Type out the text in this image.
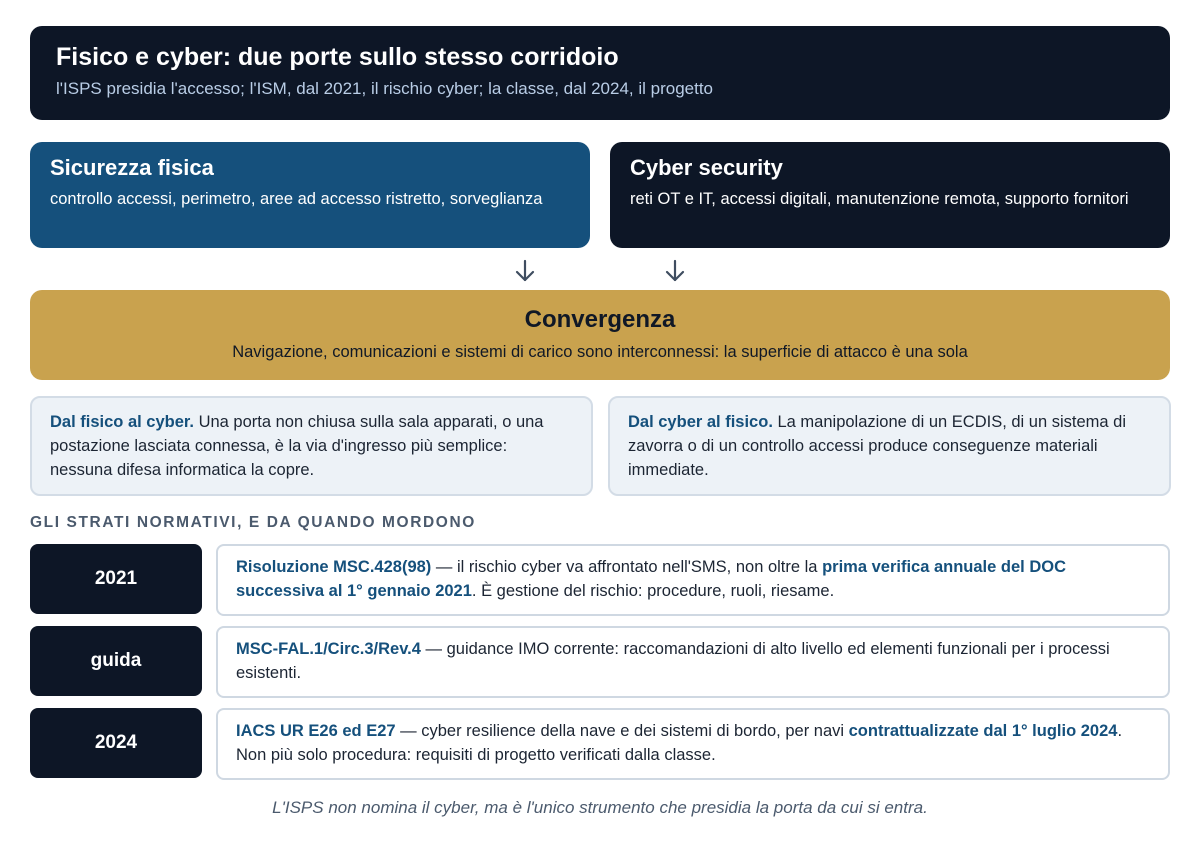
Fisico e cyber: due porte sullo stesso corridoio
l'ISPS presidia l'accesso; l'ISM, dal 2021, il rischio cyber; la classe, dal 2024, il progetto
Sicurezza fisica
controllo accessi, perimetro, aree ad accesso ristretto, sorveglianza
Cyber security
reti OT e IT, accessi digitali, manutenzione remota, supporto fornitori
Convergenza
Navigazione, comunicazioni e sistemi di carico sono interconnessi: la superficie di attacco è una sola
Dal fisico al cyber. Una porta non chiusa sulla sala apparati, o una postazione lasciata connessa, è la via d'ingresso più semplice: nessuna difesa informatica la copre.
Dal cyber al fisico. La manipolazione di un ECDIS, di un sistema di zavorra o di un controllo accessi produce conseguenze materiali immediate.
GLI STRATI NORMATIVI, E DA QUANDO MORDONO
2021
Risoluzione MSC.428(98) — il rischio cyber va affrontato nell'SMS, non oltre la prima verifica annuale del DOC successiva al 1° gennaio 2021. È gestione del rischio: procedure, ruoli, riesame.
guida
MSC-FAL.1/Circ.3/Rev.4 — guidance IMO corrente: raccomandazioni di alto livello ed elementi funzionali per i processi esistenti.
2024
IACS UR E26 ed E27 — cyber resilience della nave e dei sistemi di bordo, per navi contrattualizzate dal 1° luglio 2024. Non più solo procedura: requisiti di progetto verificati dalla classe.
L'ISPS non nomina il cyber, ma è l'unico strumento che presidia la porta da cui si entra.
